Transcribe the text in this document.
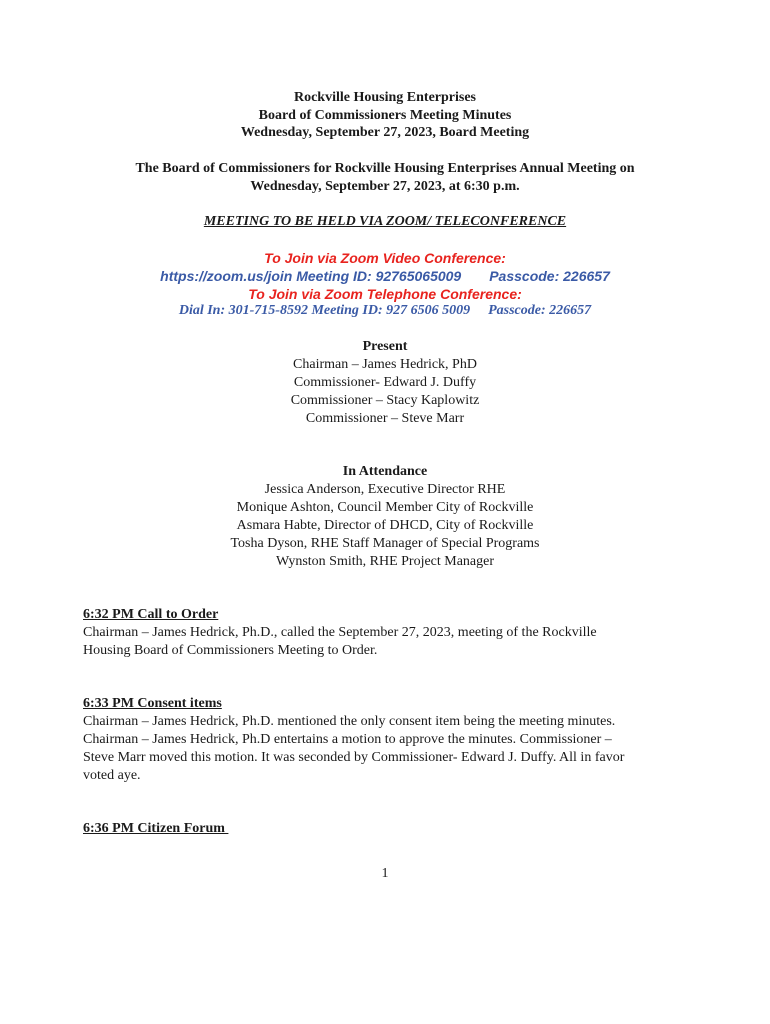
Rockville Housing Enterprises
Board of Commissioners Meeting Minutes
Wednesday, September 27, 2023, Board Meeting
The Board of Commissioners for Rockville Housing Enterprises Annual Meeting on
Wednesday, September 27, 2023, at 6:30 p.m.
MEETING TO BE HELD VIA ZOOM/ TELECONFERENCE
To Join via Zoom Video Conference:
https://zoom.us/join Meeting ID: 92765065009 Passcode: 226657
To Join via Zoom Telephone Conference:
Dial In: 301-715-8592 Meeting ID: 927 6506 5009 Passcode: 226657
Present
Chairman – James Hedrick, PhD
Commissioner- Edward J. Duffy
Commissioner – Stacy Kaplowitz
Commissioner – Steve Marr
In Attendance
Jessica Anderson, Executive Director RHE
Monique Ashton, Council Member City of Rockville
Asmara Habte, Director of DHCD, City of Rockville
Tosha Dyson, RHE Staff Manager of Special Programs
Wynston Smith, RHE Project Manager
6:32 PM Call to Order
Chairman – James Hedrick, Ph.D., called the September 27, 2023, meeting of the Rockville
Housing Board of Commissioners Meeting to Order.
6:33 PM Consent items
Chairman – James Hedrick, Ph.D. mentioned the only consent item being the meeting minutes.
Chairman – James Hedrick, Ph.D entertains a motion to approve the minutes. Commissioner –
Steve Marr moved this motion. It was seconded by Commissioner- Edward J. Duffy. All in favor
voted aye.
6:36 PM Citizen Forum
1
